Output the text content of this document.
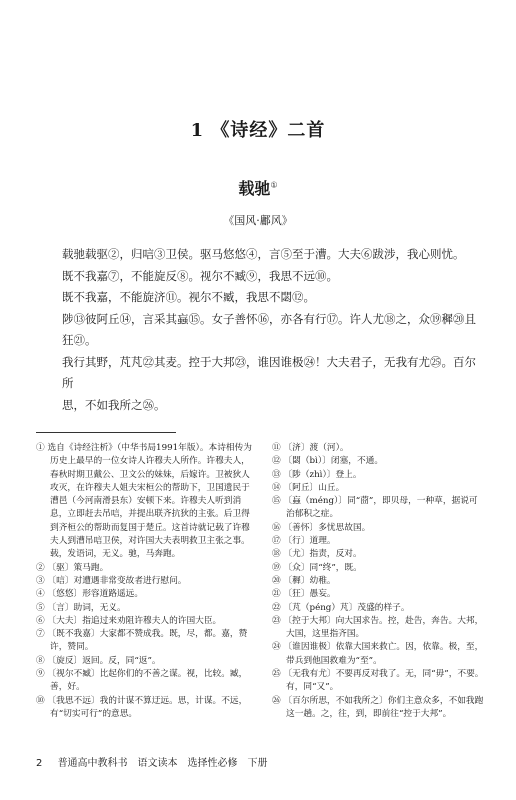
1 《诗经》二首
载驰①
《国风·鄘风》

载驰载驱②，归唁③卫侯。驱马悠悠④，言⑤至于漕。大夫⑥跋涉，我心则忧。

既不我嘉⑦，不能旋反⑧。视尔不臧⑨，我思不远⑩。

既不我嘉，不能旋济⑪。视尔不臧，我思不閟⑫。

陟⑬彼阿丘⑭，言采其蝱⑮。女子善怀⑯，亦各有行⑰。许人尤⑱之，众⑲穉⑳且狂㉑。

我行其野，芃芃㉒其麦。控于大邦㉓，谁因谁极㉔！大夫君子，无我有尤㉕。百尔所

思，不如我所之㉖。

① 选自《诗经注析》（中华书局1991年版）。本诗相传为历史上最早的一位女诗人许穆夫人所作。许穆夫人，春秋时期卫戴公、卫文公的妹妹，后嫁许。卫被狄人攻灭，在许穆夫人姐夫宋桓公的帮助下，卫国遗民于漕邑（今河南滑县东）安顿下来。许穆夫人听到消息，立即赶去吊唁，并提出联齐抗狄的主张。后卫得到齐桓公的帮助而复国于楚丘。这首诗就记载了许穆夫人到漕吊唁卫侯，对许国大夫表明救卫主张之事。载，发语词，无义。驰，马奔跑。

② 〔驱〕策马跑。

③ 〔唁〕对遭遇非常变故者进行慰问。

④ 〔悠悠〕形容道路遥远。

⑤ 〔言〕助词，无义。

⑥ 〔大夫〕指追过来劝阻许穆夫人的许国大臣。

⑦ 〔既不我嘉〕大家都不赞成我。既，尽，都。嘉，赞许，赞同。

⑧ 〔旋反〕返回。反，同“返”。

⑨ 〔视尔不臧〕比起你们的不善之谋。视，比较。臧，善，好。

⑩ 〔我思不远〕我的计谋不算迂远。思，计谋。不远，有“切实可行”的意思。

⑪ 〔济〕渡（河）。

⑫ 〔閟（bì）〕闭塞，不通。

⑬ 〔陟（zhì）〕登上。

⑭ 〔阿丘〕山丘。

⑮ 〔蝱（méng）〕同“莔”，即贝母，一种草，据说可治郁积之症。

⑯ 〔善怀〕多忧思故国。

⑰ 〔行〕道理。

⑱ 〔尤〕指责，反对。

⑲ 〔众〕同“终”，既。

⑳ 〔穉〕幼稚。

㉑ 〔狂〕愚妄。

㉒ 〔芃（péng）芃〕茂盛的样子。

㉓ 〔控于大邦〕向大国求告。控，赴告，奔告。大邦，大国，这里指齐国。

㉔ 〔谁因谁极〕依靠大国来救亡。因，依靠。极，至，带兵到他国救难为“至”。

㉕ 〔无我有尤〕不要再反对我了。无，同“毋”，不要。有，同“又”。

㉖ 〔百尔所思，不如我所之〕你们主意众多，不如我跑这一趟。之，往，到，即前往“控于大邦”。

2 普通高中教科书　语文读本　选择性必修　下册
